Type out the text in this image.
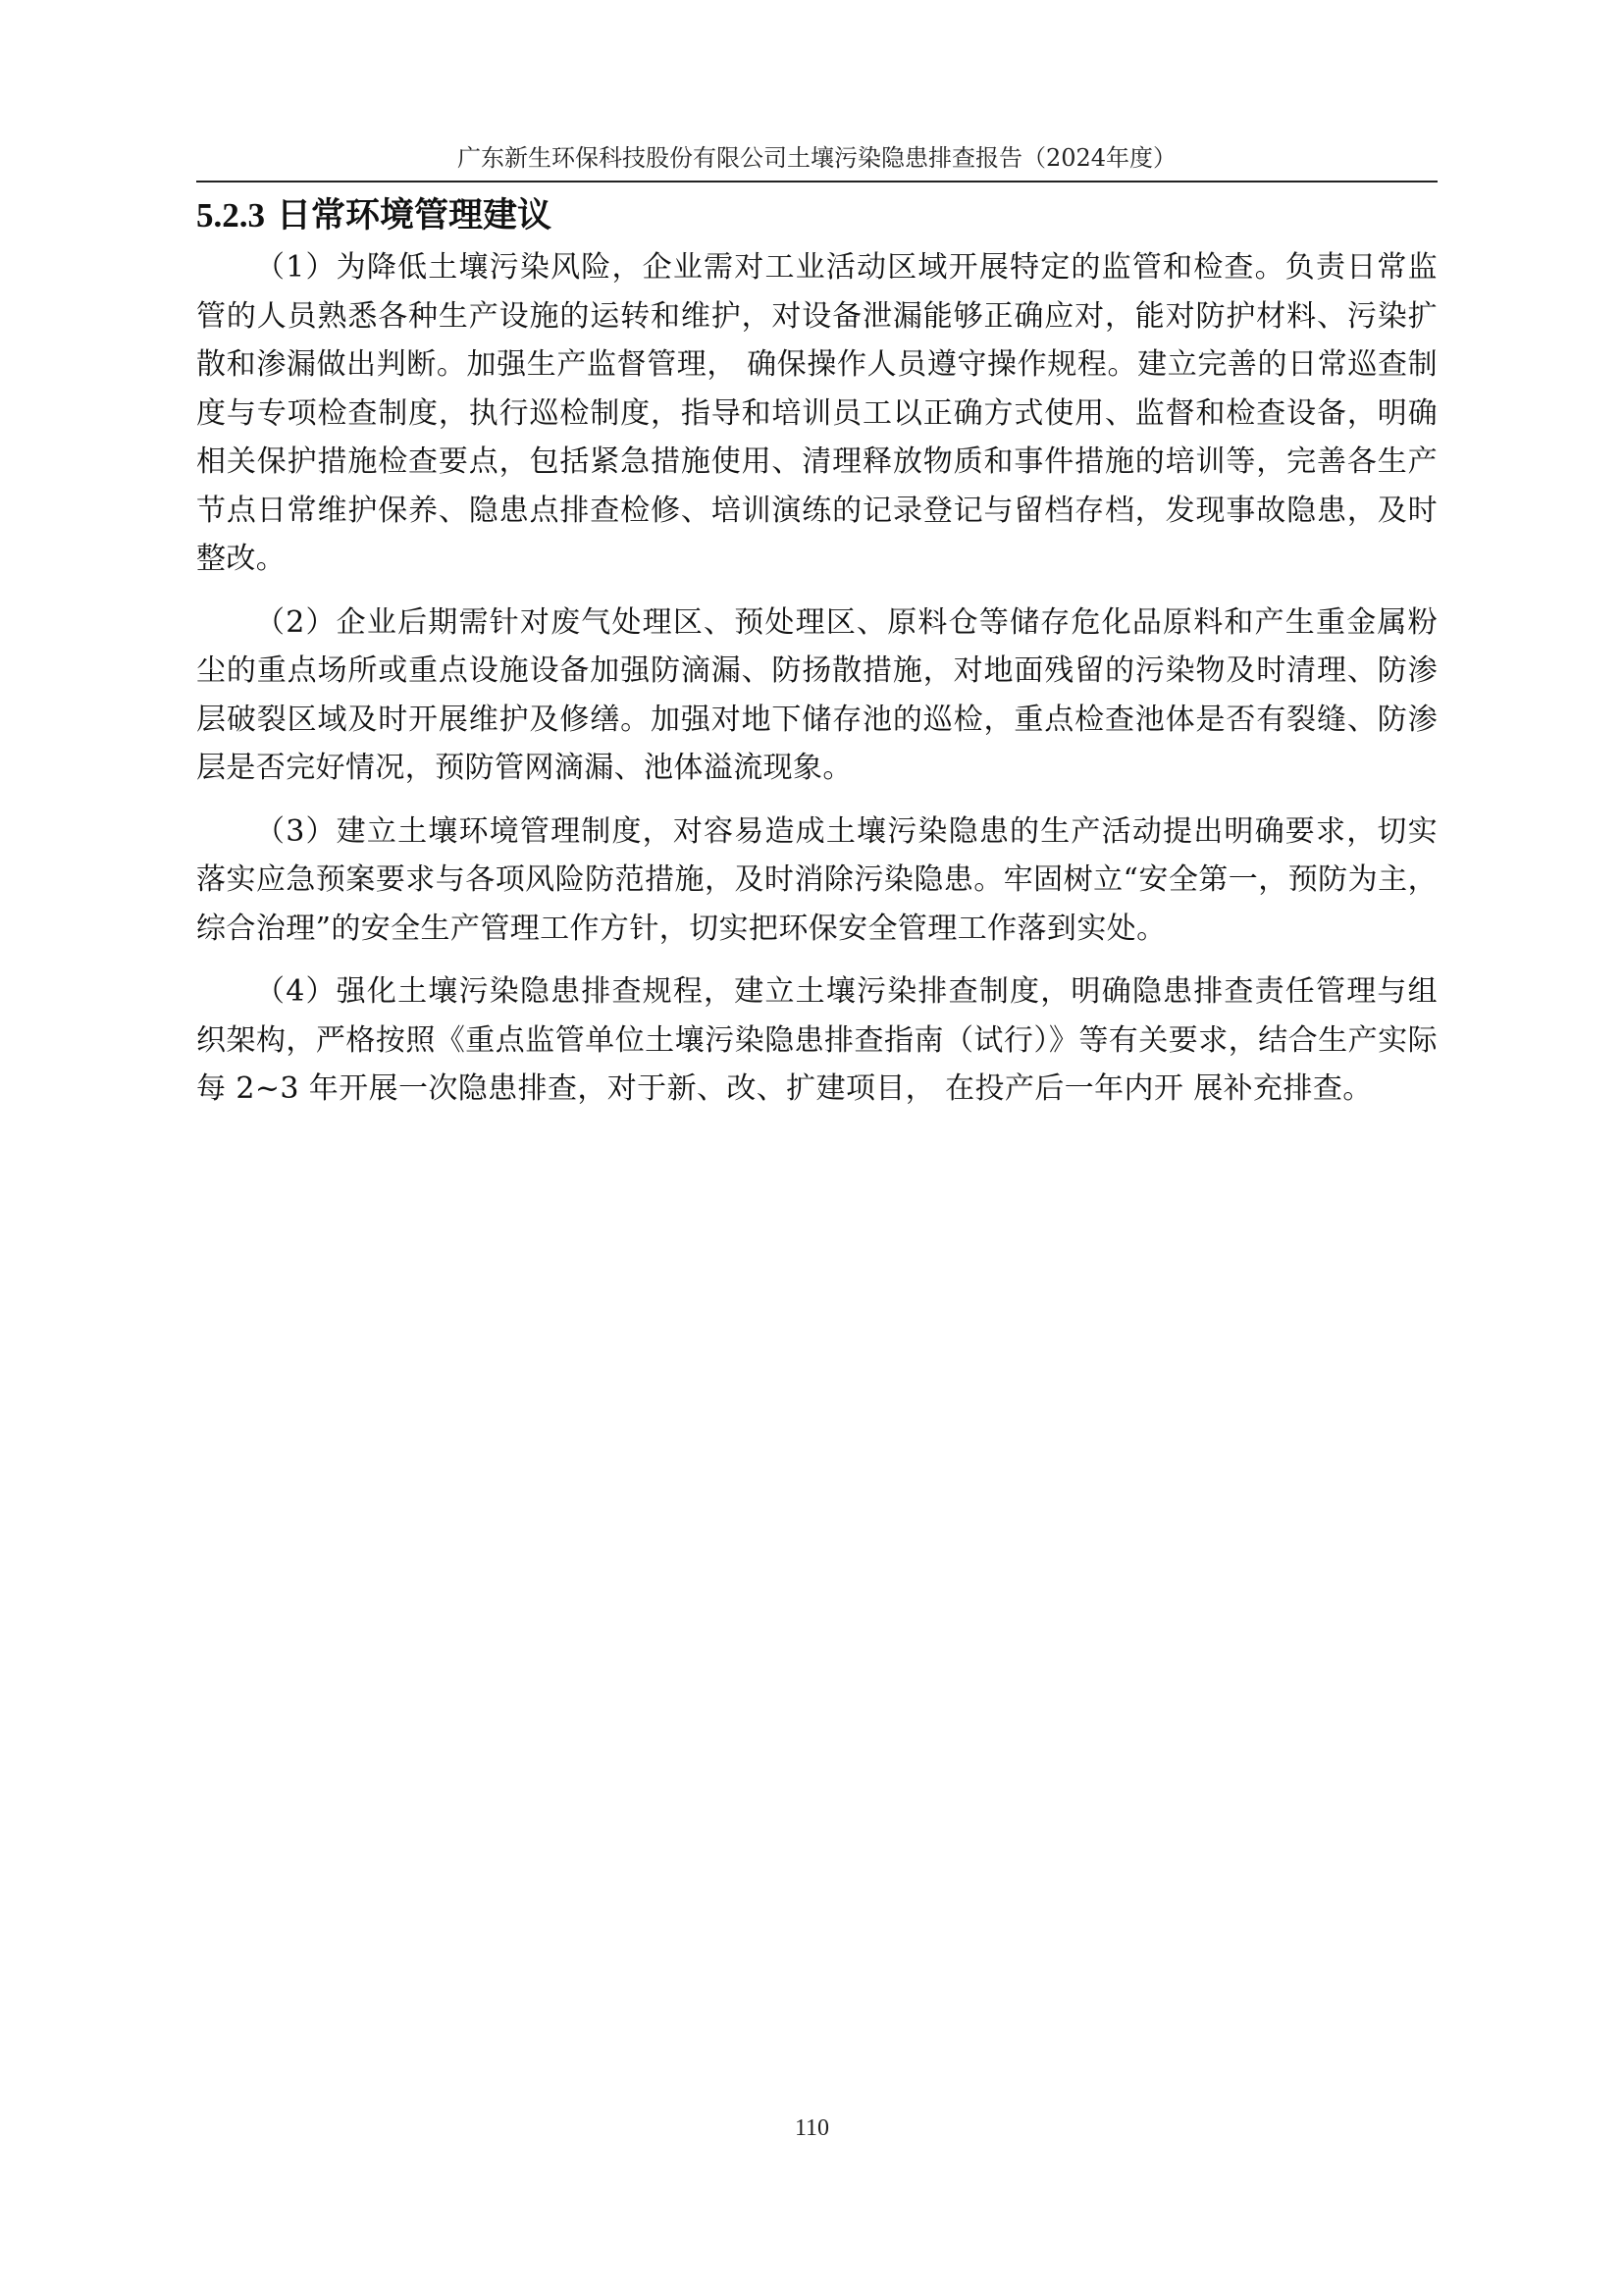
广东新生环保科技股份有限公司土壤污染隐患排查报告（2024年度）
5.2.3 日常环境管理建议

（1）为降低土壤污染风险，企业需对工业活动区域开展特定的监管和检查。负责日常监管的人员熟悉各种生产设施的运转和维护，对设备泄漏能够正确应对，能对防护材料、污染扩散和渗漏做出判断。加强生产监督管理， 确保操作人员遵守操作规程。建立完善的日常巡查制度与专项检查制度，执行巡检制度，指导和培训员工以正确方式使用、监督和检查设备，明确相关保护措施检查要点，包括紧急措施使用、清理释放物质和事件措施的培训等，完善各生产节点日常维护保养、隐患点排查检修、培训演练的记录登记与留档存档，发现事故隐患，及时整改。

（2）企业后期需针对废气处理区、预处理区、原料仓等储存危化品原料和产生重金属粉尘的重点场所或重点设施设备加强防滴漏、防扬散措施，对地面残留的污染物及时清理、防渗层破裂区域及时开展维护及修缮。加强对地下储存池的巡检，重点检查池体是否有裂缝、防渗层是否完好情况，预防管网滴漏、池体溢流现象。

（3）建立土壤环境管理制度，对容易造成土壤污染隐患的生产活动提出明确要求，切实落实应急预案要求与各项风险防范措施，及时消除污染隐患。牢固树立“安全第一，预防为主，综合治理”的安全生产管理工作方针，切实把环保安全管理工作落到实处。

（4）强化土壤污染隐患排查规程，建立土壤污染排查制度，明确隐患排查责任管理与组织架构，严格按照《重点监管单位土壤污染隐患排查指南（试行）》等有关要求，结合生产实际每 2~3 年开展一次隐患排查，对于新、改、扩建项目， 在投产后一年内开 展补充排查。

110
